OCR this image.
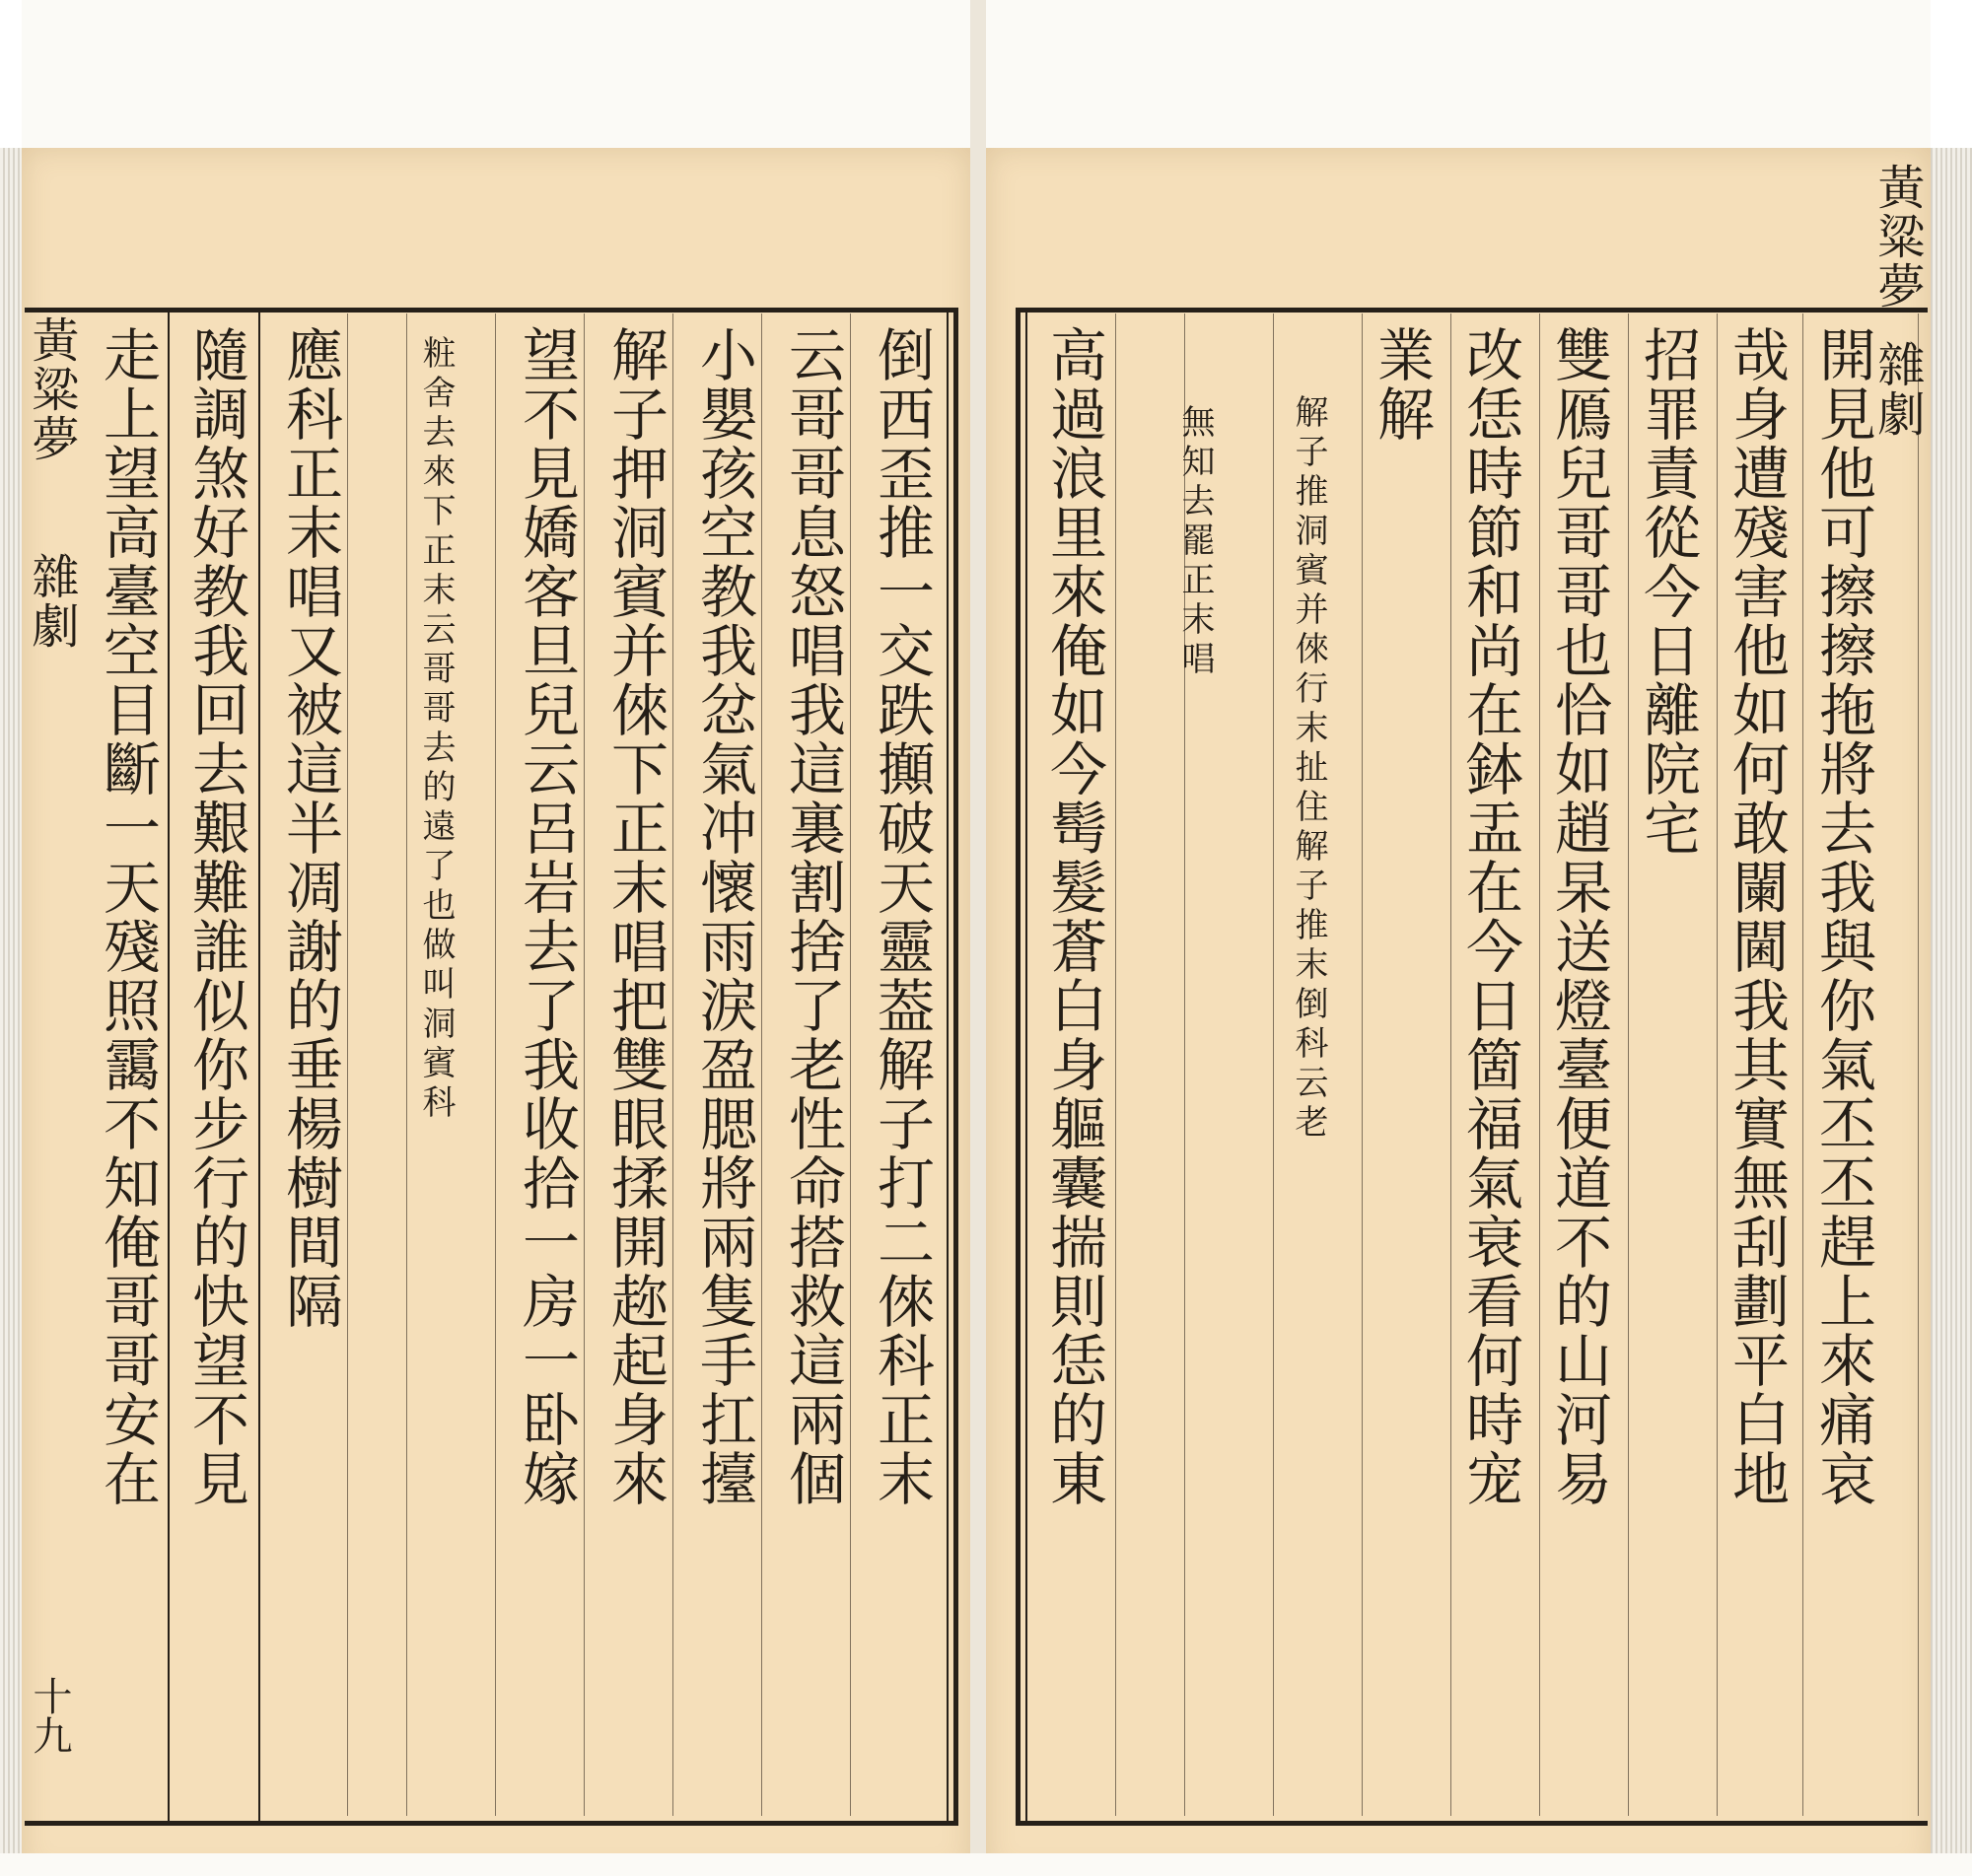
黃粱夢
雜劇
開見他可擦擦拖將去我與你氣丕丕趕上來痛哀
哉身遭殘害他如何敢闌閫我其實無刮劃平白地
招罪責從今日離院宅
雙鴈兒哥哥也恰如趙杲送燈臺便道不的山河易
改恁時節和尚在鉢盂在今日箇福氣衰看何時宠
業解
解子推洞賓并倈行末扯住解子推末倒科云老
無知去罷正末唱
高過浪里來俺如今髩髮蒼白身軀囊揣則恁的東
倒西歪推一交跌攧破天靈葢解子打二倈科正末
云哥哥息怒唱我這裏割捨了老性命搭救這兩個
小嬰孩空教我忿氣冲懷雨淚盈腮將兩隻手扛擡
解子押洞賓并倈下正末唱把雙眼揉開趂起身來
望不見嬌客旦兒云呂岩去了我收拾一房一卧嫁
粧舍去來下正末云哥哥去的遠了也做叫洞賓科
應科正末唱又被這半凋謝的垂楊樹間隔
隨調煞好教我回去艱難誰似你步行的快望不見
走上望高臺空目斷一天殘照靄不知俺哥哥安在
黃粱夢
雜劇
十九
